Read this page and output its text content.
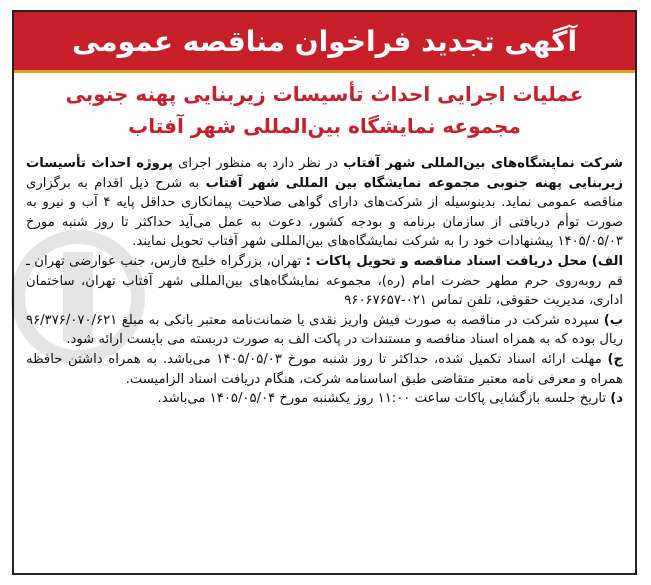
آگهی تجدید فراخوان مناقصه عمومی
عملیات اجرایی احداث تأسیسات زیربنایی پهنه جنوبی
مجموعه نمایشگاه بین‌المللی شهر آفتاب

شرکت نمایشگاه‌های بین‌المللی شهر آفتاب در نظر دارد به منظور اجرای پروژه احداث تأسیسات زیربنایی پهنه جنوبی مجموعه نمایشگاه بین المللی شهر آفتاب به شرح ذیل اقدام به برگزاری مناقصه عمومی نماید. بدینوسیله از شرکت‌های دارای گواهی صلاحیت پیمانکاری حداقل پایه ۴ آب و نیرو به صورت توأم دریافتی از سازمان برنامه و بودجه کشور، دعوت به عمل می‌آید حداکثر تا روز شنبه مورخ ۱۴۰۵/۰۵/۰۳ پیشنهادات خود را به شرکت نمایشگاه‌های بین‌المللی شهر آفتاب تحویل نمایند.

الف) محل دریافت اسناد مناقصه و تحویل پاکات : تهران، بزرگراه خلیج فارس، جنب عوارضی تهران ـ قم روبه‌روی حرم مطهر حضرت امام (ره)، مجموعه نمایشگاه‌های بین‌المللی شهر آفتاب تهران، ساختمان اداری، مدیریت حقوقی، تلفن تماس ۰۲۱-۹۶۰۶۷۶۵۷

ب) سپرده شرکت در مناقصه به صورت فیش واریز نقدی یا ضمانت‌نامه معتبر بانکی به مبلغ ۹۶/۳۷۶/۰۷۰/۶۲۱ ریال بوده که به همراه اسناد مناقصه و مستندات در پاکت الف به صورت دربسته می بایست ارائه شود.

ج) مهلت ارائه اسناد تکمیل شده، حداکثر تا روز شنبه مورخ ۱۴۰۵/۰۵/۰۳ می‌باشد. به همراه داشتن حافظه همراه و معرفی نامه معتبر متقاضی طبق اساسنامه شرکت، هنگام دریافت اسناد الزامیست.

د) تاریخ جلسه بازگشایی پاکات ساعت ۱۱:۰۰ روز یکشنبه مورخ ۱۴۰۵/۰۵/۰۴ می‌باشد.
